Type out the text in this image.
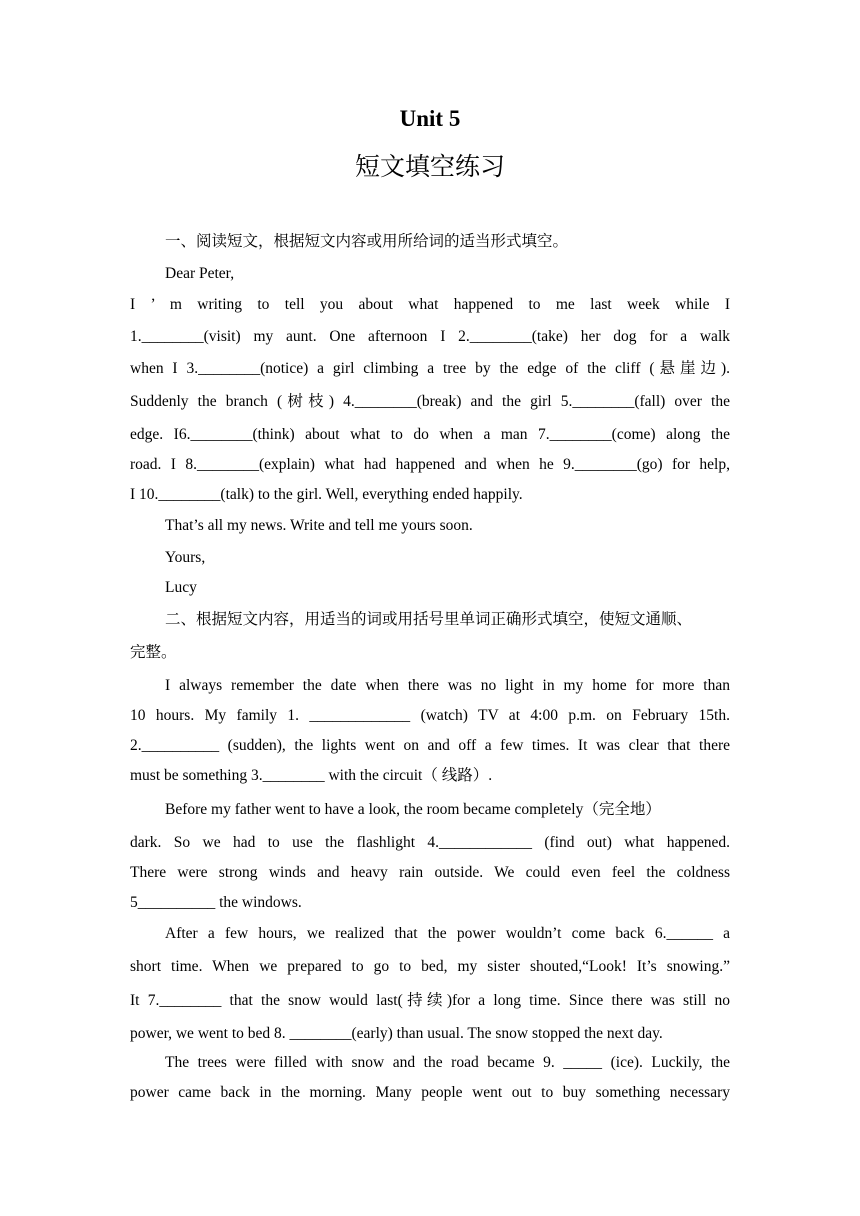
Unit 5
短文填空练习
一、阅读短文，根据短文内容或用所给词的适当形式填空。
Dear Peter,
I ’ m writing to tell you about what happened to me last week while I
1.________(visit) my aunt. One afternoon I 2.________(take) her dog for a walk
when I 3.________(notice) a girl climbing a tree by the edge of the cliff (悬崖边).
Suddenly the branch (树枝) 4.________(break) and the girl 5.________(fall) over the
edge. I6.________(think) about what to do when a man 7.________(come) along the
road. I 8.________(explain) what had happened and when he 9.________(go) for help,
I 10.________(talk) to the girl. Well, everything ended happily.
That’s all my news. Write and tell me yours soon.
Yours,
Lucy
二、根据短文内容，用适当的词或用括号里单词正确形式填空，使短文通顺、
完整。
I always remember the date when there was no light in my home for more than
10 hours. My family 1. _____________ (watch) TV at 4:00 p.m. on February 15th.
2.__________ (sudden), the lights went on and off a few times. It was clear that there
must be something 3.________ with the circuit（ 线路）.
Before my father went to have a look, the room became completely（完全地）
dark. So we had to use the flashlight 4.____________ (find out) what happened.
There were strong winds and heavy rain outside. We could even feel the coldness
5__________ the windows.
After a few hours, we realized that the power wouldn’t come back 6.______ a
short time. When we prepared to go to bed, my sister shouted,“Look! It’s snowing.”
It 7.________ that the snow would last(持续)for a long time. Since there was still no
power, we went to bed 8. ________(early) than usual. The snow stopped the next day.
The trees were filled with snow and the road became 9. _____ (ice). Luckily, the
power came back in the morning. Many people went out to buy something necessary
